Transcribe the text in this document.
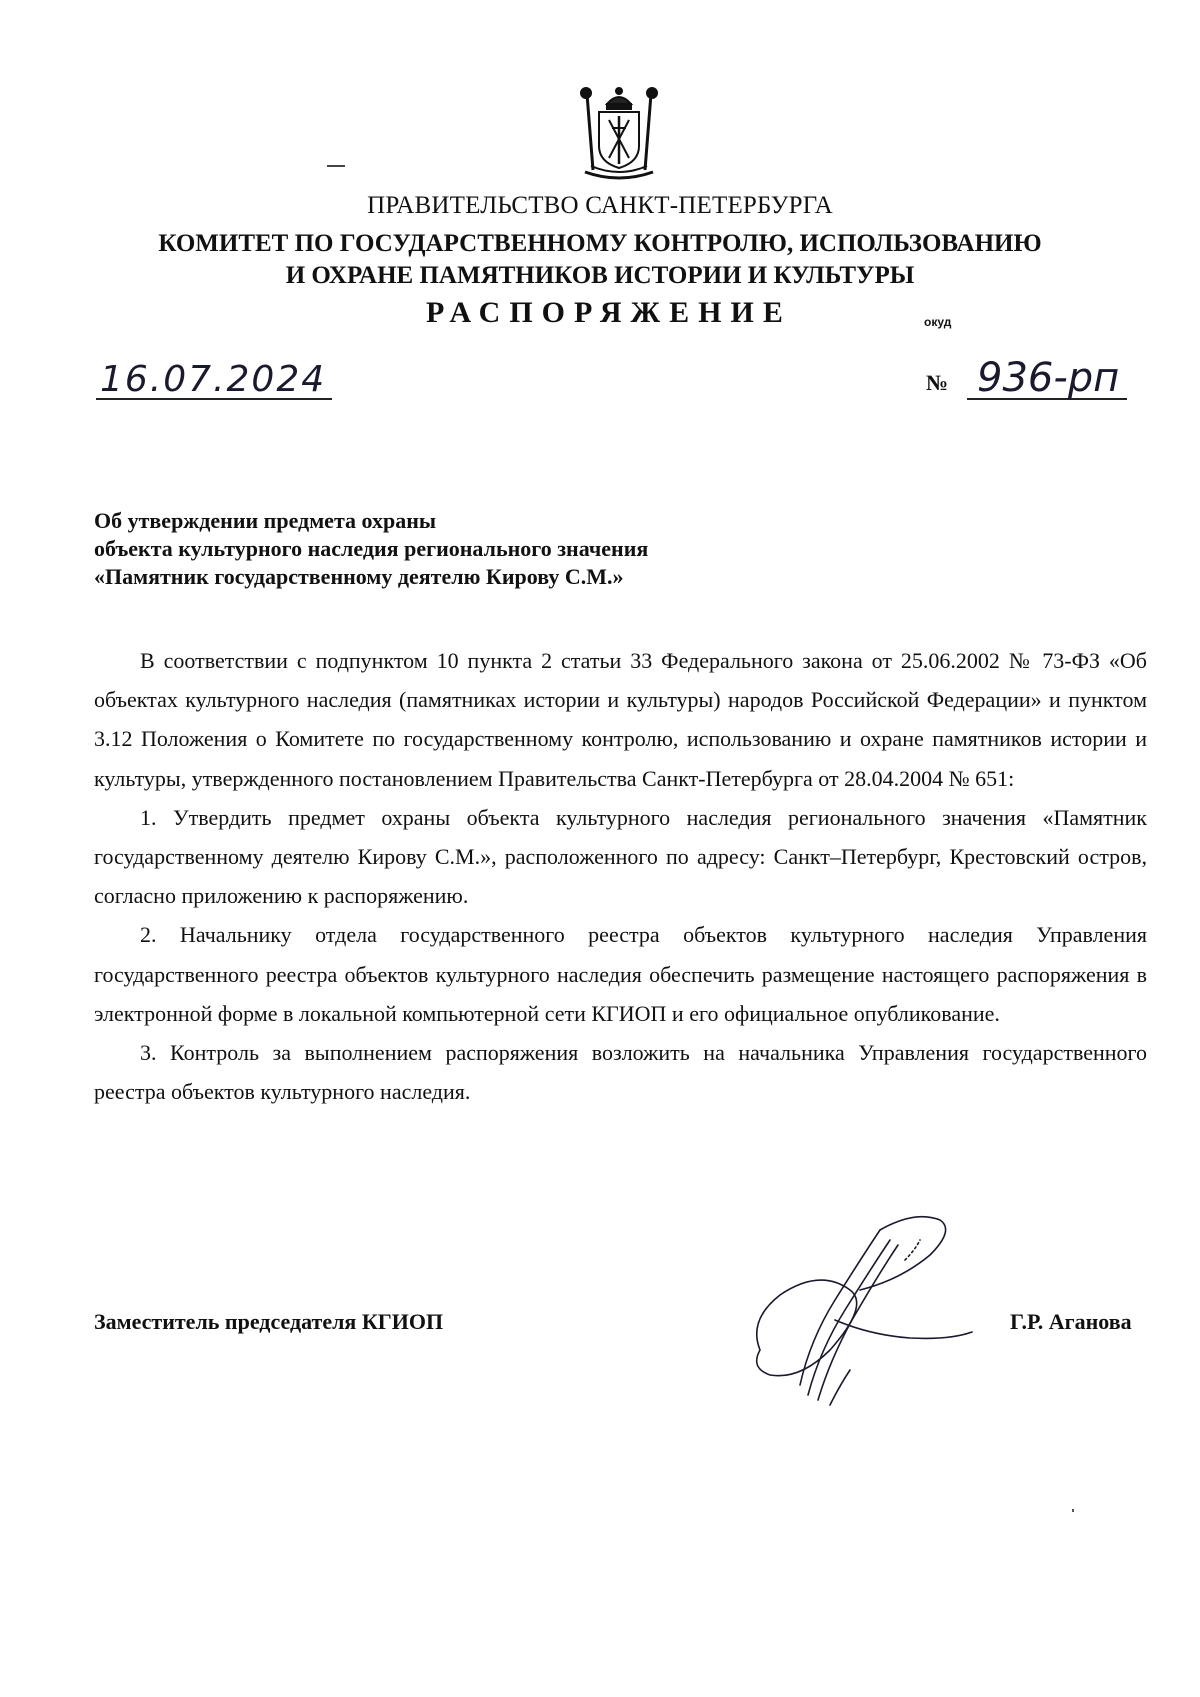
ПРАВИТЕЛЬСТВО САНКТ-ПЕТЕРБУРГА
КОМИТЕТ ПО ГОСУДАРСТВЕННОМУ КОНТРОЛЮ, ИСПОЛЬЗОВАНИЮ
И ОХРАНЕ ПАМЯТНИКОВ ИСТОРИИ И КУЛЬТУРЫ
РАСПОРЯЖЕНИЕ	окуд
16.07.2024	№ 936-рп
Об утверждении предмета охраны
объекта культурного наследия регионального значения
«Памятник государственному деятелю Кирову С.М.»

В соответствии с подпунктом 10 пункта 2 статьи 33 Федерального закона от 25.06.2002 № 73-ФЗ «Об объектах культурного наследия (памятниках истории и культуры) народов Российской Федерации» и пунктом 3.12 Положения о Комитете по государственному контролю, использованию и охране памятников истории и культуры, утвержденного постановлением Правительства Санкт-Петербурга от 28.04.2004 № 651:

1. Утвердить предмет охраны объекта культурного наследия регионального значения «Памятник государственному деятелю Кирову С.М.», расположенного по адресу: Санкт–Петербург, Крестовский остров, согласно приложению к распоряжению.

2. Начальнику отдела государственного реестра объектов культурного наследия Управления государственного реестра объектов культурного наследия обеспечить размещение настоящего распоряжения в электронной форме в локальной компьютерной сети КГИОП и его официальное опубликование.

3. Контроль за выполнением распоряжения возложить на начальника Управления государственного реестра объектов культурного наследия.

Заместитель председателя КГИОП	Г.Р. Аганова
